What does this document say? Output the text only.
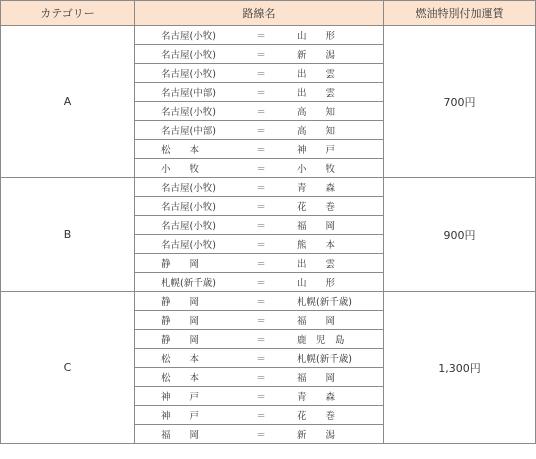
カテゴリー	路線名	燃油特別付加運賃
A	名古屋(小牧) ＝ 山　　形	700円

	名古屋(小牧) ＝ 新　　潟	

	名古屋(小牧) ＝ 出　　雲	

	名古屋(中部) ＝ 出　　雲	

	名古屋(小牧) ＝ 高　　知	

	名古屋(中部) ＝ 高　　知	

	松　　本 ＝ 神　　戸	

	小　　牧 ＝ 小　　牧	

B	名古屋(小牧) ＝ 青　　森	900円

	名古屋(小牧) ＝ 花　　巻	

	名古屋(小牧) ＝ 福　　岡	

	名古屋(小牧) ＝ 熊　　本	

	静　　岡 ＝ 出　　雲	

	札幌(新千歳) ＝ 山　　形	

C	静　　岡 ＝ 札幌(新千歳)	1,300円

	静　　岡 ＝ 福　　岡	

	静　　岡 ＝ 鹿　児　島	

	松　　本 ＝ 札幌(新千歳)	

	松　　本 ＝ 福　　岡	

	神　　戸 ＝ 青　　森	

	神　　戸 ＝ 花　　巻	

	福　　岡 ＝ 新　　潟	
